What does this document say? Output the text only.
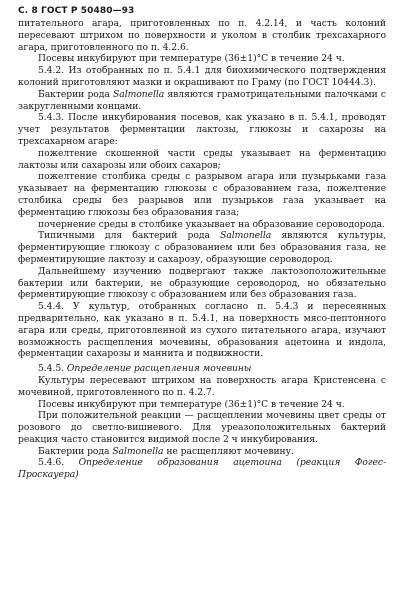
С. 8 ГОСТ Р 50480—93

питательного агара, приготовленных по п. 4.2.14, и часть колоний пересевают штрихом по поверхности и уколом в столбик трехсахарного агара, приготовленного по п. 4.2.6.

Посевы инкубируют при температуре (36±1)°С в течение 24 ч.

5.4.2. Из отобранных по п. 5.4.1 для биохимического подтверждения колоний приготовляют мазки и окрашивают по Граму (по ГОСТ 10444.3).

Бактерии рода Salmonella являются грамотрицательными палочками с закругленными концами.

5.4.3. После инкубирования посевов, как указано в п. 5.4.1, проводят учет результатов ферментации лактозы, глюкозы и сахарозы на трехсахарном агаре:

пожелтение скошенной части среды указывает на ферментацию лактозы или сахарозы или обоих сахаров;

пожелтение столбика среды с разрывом агара или пузырьками газа указывает на ферментацию глюкозы с образованием газа, пожелтение столбика среды без разрывов или пузырьков газа указывает на ферментацию глюкозы без образования газа;

почернение среды в столбике указывает на образование сероводорода.

Типичными для бактерий рода Salmonella являются культуры, ферментирующие глюкозу с образованием или без образования газа, не ферментирующие лактозу и сахарозу, образующие сероводород.

Дальнейшему изучению подвергают также лактозоположительные бактерии или бактерии, не образующие сероводород, но обязательно ферментирующие глюкозу с образованием или без образования газа.

5.4.4. У культур, отобранных согласно п. 5.4.3 и пересеянных предварительно, как указано в п. 5.4.1, на поверхность мясо-пептонного агара или среды, приготовленной из сухого питательного агара, изучают возможность расщепления мочевины, образования ацетоина и индола, ферментации сахарозы и маннита и подвижности.

5.4.5. Определение расщепления мочевины

Культуры пересевают штрихом на поверхность агара Кристенсена с мочевиной, приготовленного по п. 4.2.7.

Посевы инкубируют при температуре (36±1)°С в течение 24 ч.

При положительной реакции — расщеплении мочевины цвет среды от розового до светло-вишневого. Для уреазоположительных бактерий реакция часто становится видимой после 2 ч инкубирования.

Бактерии рода Salmonella не расщепляют мочевину.

5.4.6. Определение образования ацетоина (реакция Фогес-Проскауера)
